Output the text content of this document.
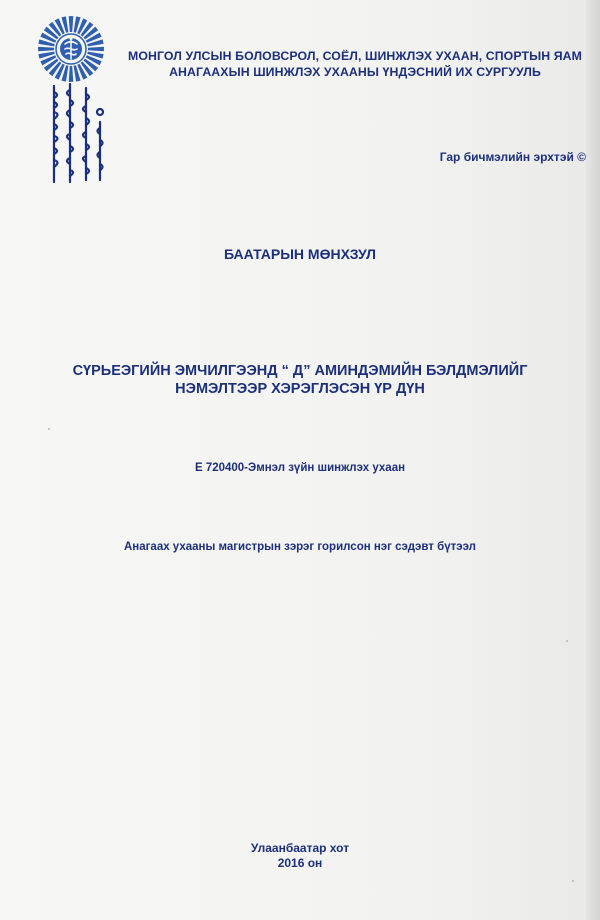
МОНГОЛ УЛСЫН БОЛОВСРОЛ, СОЁЛ, ШИНЖЛЭХ УХААН, СПОРТЫН ЯАМ
АНАГААХЫН ШИНЖЛЭХ УХААНЫ ҮНДЭСНИЙ ИХ СУРГУУЛЬ
Гар бичмэлийн эрхтэй ©
БААТАРЫН МӨНХЗУЛ
СҮРЬЕЭГИЙН ЭМЧИЛГЭЭНД “ Д” АМИНДЭМИЙН БЭЛДМЭЛИЙГ
НЭМЭЛТЭЭР ХЭРЭГЛЭСЭН ҮР ДҮН
Е 720400-Эмнэл зүйн шинжлэх ухаан
Анагаах ухааны магистрын зэрэг горилсон нэг сэдэвт бүтээл
Улаанбаатар хот
2016 он
